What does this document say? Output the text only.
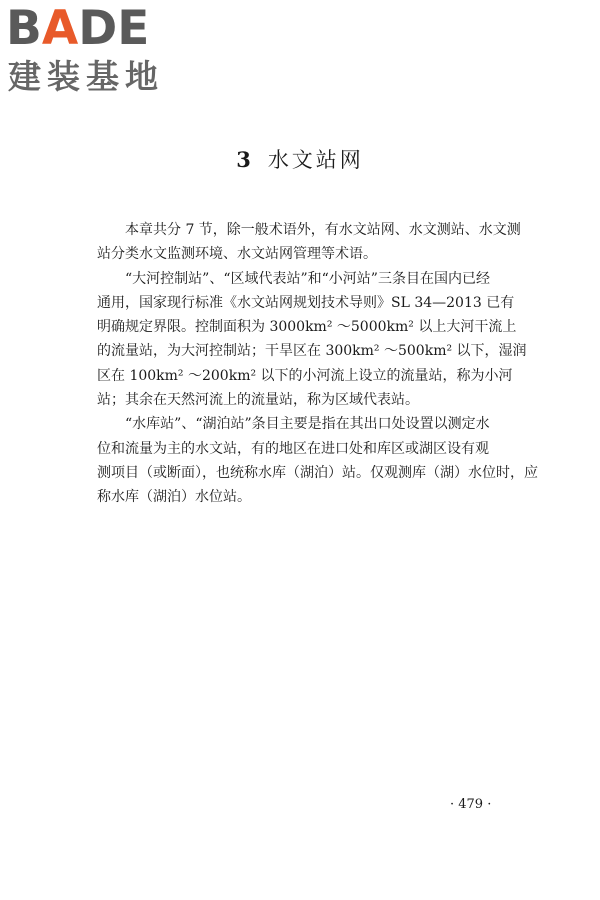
BADE
建装基地
3 水文站网
本章共分 7 节，除一般术语外，有水文站网、水文测站、水文测
站分类水文监测环境、水文站网管理等术语。
“大河控制站”、“区域代表站”和“小河站”三条目在国内已经
通用，国家现行标准《水文站网规划技术导则》SL 34—2013 已有
明确规定界限。控制面积为 3000km² ～5000km² 以上大河干流上
的流量站，为大河控制站；干旱区在 300km² ～500km² 以下，湿润
区在 100km² ～200km² 以下的小河流上设立的流量站，称为小河
站；其余在天然河流上的流量站，称为区域代表站。
“水库站”、“湖泊站”条目主要是指在其出口处设置以测定水
位和流量为主的水文站，有的地区在进口处和库区或湖区设有观
测项目（或断面），也统称水库（湖泊）站。仅观测库（湖）水位时，应
称水库（湖泊）水位站。
· 479 ·
